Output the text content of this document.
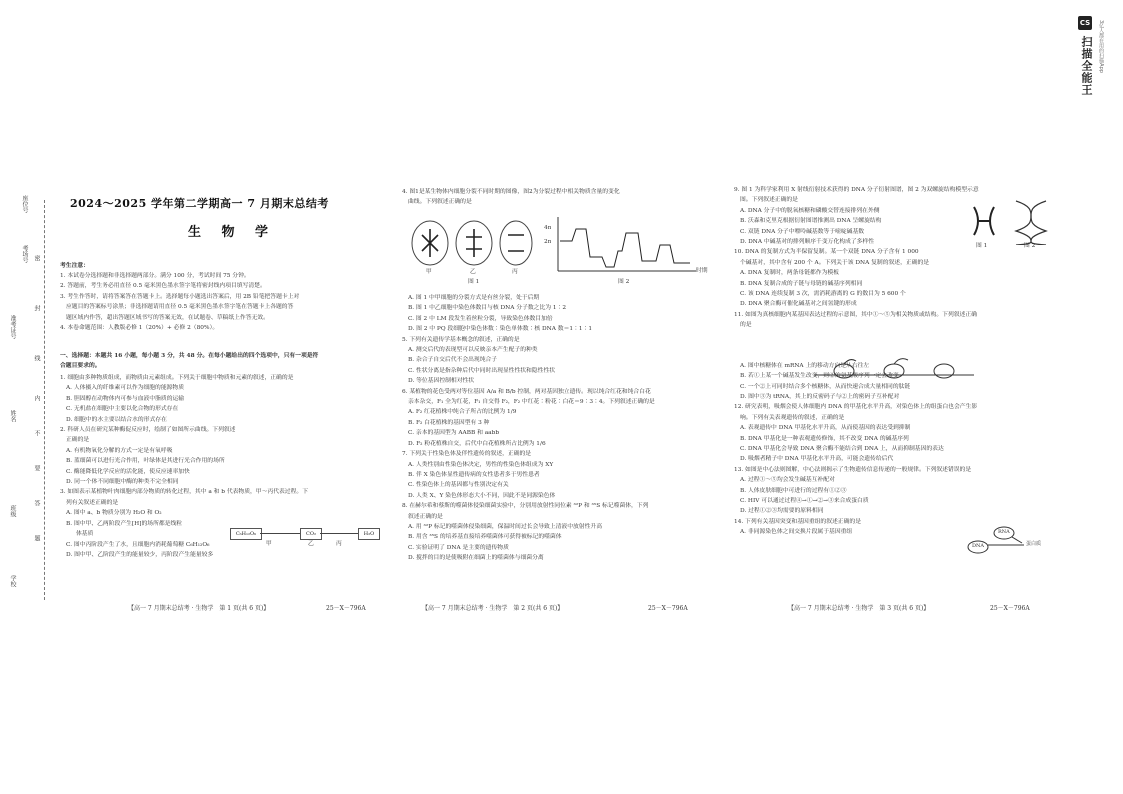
CS
扫描全能王 3亿人都在用的扫描App
学校
班级
姓名
准考证号
考场号
座位号
密
封
线
内
不
要
答
题
2024～2025 学年第二学期高一 7 月期末总结考
生 物 学
考生注意：
1. 本试卷分选择题和非选择题两部分。满分 100 分，考试时间 75 分钟。
2. 答题前，考生务必用直径 0.5 毫米黑色墨水签字笔将密封线内项目填写清楚。
3. 考生作答时，请将答案答在答题卡上。选择题每小题选出答案后，用 2B 铅笔把答题卡上对
应题目的答案标号涂黑；非选择题请用直径 0.5 毫米黑色墨水签字笔在答题卡上各题的答
题区域内作答，超出答题区域书写的答案无效，在试题卷、草稿纸上作答无效。
4. 本卷命题范围：人教版必修 1（20%）+ 必修 2（80%）。
一、选择题：本题共 16 小题，每小题 3 分，共 48 分。在每小题给出的四个选项中，只有一项是符
合题目要求的。
1. 细胞由多种物质组成，而物质由元素组成。下列关于细胞中物质和元素的叙述，正确的是
A. 人体摄入的纤维素可以作为细胞的能源物质
B. 胆固醇在动物体内可参与血液中脂质的运输
C. 无机盐在细胞中主要以化合物的形式存在
D. 细胞中的水主要以结合水的形式存在
2. 科研人员在研究某种酶促反应时，绘制了如图所示曲线。下列叙述
正确的是
A. 有机物氧化分解的方式一定是有氧呼吸
B. 蓝细菌可以进行光合作用，叶绿体是其进行光合作用的场所
C. 酶能降低化学反应的活化能，使反应速率加快
D. 同一个体不同细胞中酶的种类不完全相同
3. 如图表示某植物叶肉细胞内部分物质的转化过程，其中 a 和 b 代表物质，甲～丙代表过程。下
列有关叙述正确的是
A. 图中 a、b 物质分别为 H₂O 和 O₂
B. 图中甲、乙两阶段产生[H]的场所都是线粒
体基质
C. 图中丙阶段产生了水，且细胞内消耗葡萄糖 C₆H₁₂O₆
D. 图中甲、乙阶段产生的能量较少，丙阶段产生能量较多
C₆H₁₂O₆	CO₂	H₂O
甲	乙	丙
【高一 7 月期末总结考 · 生物学　第 1 页(共 6 页)】	25－X－796A
4. 图1是某生物体内细胞分裂不同时期的图像，图2为分裂过程中相关物质含量的变化
曲线。下列叙述正确的是
甲	乙	丙
图 1
4n
2n
时期
图 2
A. 图 1 中甲细胞的分裂方式是有丝分裂，处于后期
B. 图 1 中乙细胞中染色体数目与核 DNA 分子数之比为 1∶2
C. 图 2 中 LM 段发生着丝粒分裂，导致染色体数目加倍
D. 图 2 中 PQ 段细胞中染色体数∶染色单体数∶核 DNA 数＝1∶1∶1
5. 下列有关遗传学基本概念的叙述，正确的是
A. 测交后代的表现型可以反映亲本产生配子的种类
B. 杂合子自交后代不会出现纯合子
C. 性状分离是指杂种后代中同时出现显性性状和隐性性状
D. 等位基因控制相对性状
6. 某植物的花色受两对等位基因 A/a 和 B/b 控制，两对基因独立遗传。现以纯合红花和纯合白花
亲本杂交，F₁ 全为红花，F₁ 自交得 F₂，F₂ 中红花∶粉花∶白花＝9∶3∶4。下列叙述正确的是
A. F₂ 红花植株中纯合子所占的比例为 1/9
B. F₂ 白花植株的基因型有 3 种
C. 亲本的基因型为 AABB 和 aabb
D. F₂ 粉花植株自交，后代中白花植株所占比例为 1/6
7. 下列关于性染色体及伴性遗传的叙述，正确的是
A. 人类性别由性染色体决定，男性的性染色体组成为 XY
B. 伴 X 染色体显性遗传病的女性患者多于男性患者
C. 性染色体上的基因都与性别决定有关
D. 人类 X、Y 染色体形态大小不同，因此不是同源染色体
8. 在赫尔希和蔡斯的噬菌体侵染细菌实验中，分别用放射性同位素 ³²P 和 ³⁵S 标记噬菌体，下列
叙述正确的是
A. 用 ³²P 标记的噬菌体侵染细菌，保温时间过长会导致上清液中放射性升高
B. 用含 ³⁵S 的培养基直接培养噬菌体可获得被标记的噬菌体
C. 实验证明了 DNA 是主要的遗传物质
D. 搅拌的目的是使吸附在细菌上的噬菌体与细菌分离
【高一 7 月期末总结考 · 生物学　第 2 页(共 6 页)】	25－X－796A
9. 图 1 为科学家利用 X 射线衍射技术获得的 DNA 分子衍射图谱，图 2 为双螺旋结构模型示意
图。下列叙述正确的是
A. DNA 分子中的脱氧核糖和磷酸交替连接排列在外侧
B. 沃森和克里克根据衍射图谱推测出 DNA 呈螺旋结构
C. 双链 DNA 分子中嘌呤碱基数等于嘧啶碱基数
D. DNA 中碱基对的排列顺序千变万化构成了多样性
10. DNA 的复制方式为半保留复制。某一个双链 DNA 分子含有 1 000
个碱基对，其中含有 200 个 A。下列关于该 DNA 复制的叙述，正确的是
A. DNA 复制时，两条母链都作为模板
B. DNA 复制合成的子链与母链的碱基序列相同
C. 该 DNA 连续复制 3 次，需消耗游离的 G 的数目为 5 600 个
D. DNA 聚合酶可催化碱基对之间氢键的形成
11. 如图为真核细胞内某基因表达过程的示意图，其中①～⑤为相关物质或结构。下列叙述正确
的是
A. 图中核糖体在 mRNA 上的移动方向是从右往左
B. 若①上某一个碱基发生改变，则②的氨基酸序列一定会改变
C. 一个②上可同时结合多个核糖体，从而快速合成大量相同的肽链
D. 图中③为 tRNA，其上的反密码子与②上的密码子互补配对
12. 研究表明，吸烟会使人体细胞内 DNA 的甲基化水平升高，对染色体上的组蛋白也会产生影
响。下列有关表观遗传的叙述，正确的是
A. 表观遗传中 DNA 甲基化水平升高，从而使基因的表达受到抑制
B. DNA 甲基化是一种表观遗传修饰，其不改变 DNA 的碱基序列
C. DNA 甲基化会导致 DNA 聚合酶不能结合到 DNA 上，从而抑制基因的表达
D. 吸烟者精子中 DNA 甲基化水平升高，可能会遗传给后代
13. 如图是中心法则图解，中心法则揭示了生物遗传信息传递的一般规律。下列叙述错误的是
A. 过程①～⑤均会发生碱基互补配对
B. 人体皮肤细胞中可进行的过程有①②③
C. HIV 可以通过过程④→①→②→③来合成蛋白质
D. 过程①②③均需要的原料相同
14. 下列有关基因突变和基因重组的叙述正确的是
A. 非同源染色体之间交换片段属于基因重组
图 1	图 2
DNA
RNA
蛋白质
【高一 7 月期末总结考 · 生物学　第 3 页(共 6 页)】	25－X－796A
